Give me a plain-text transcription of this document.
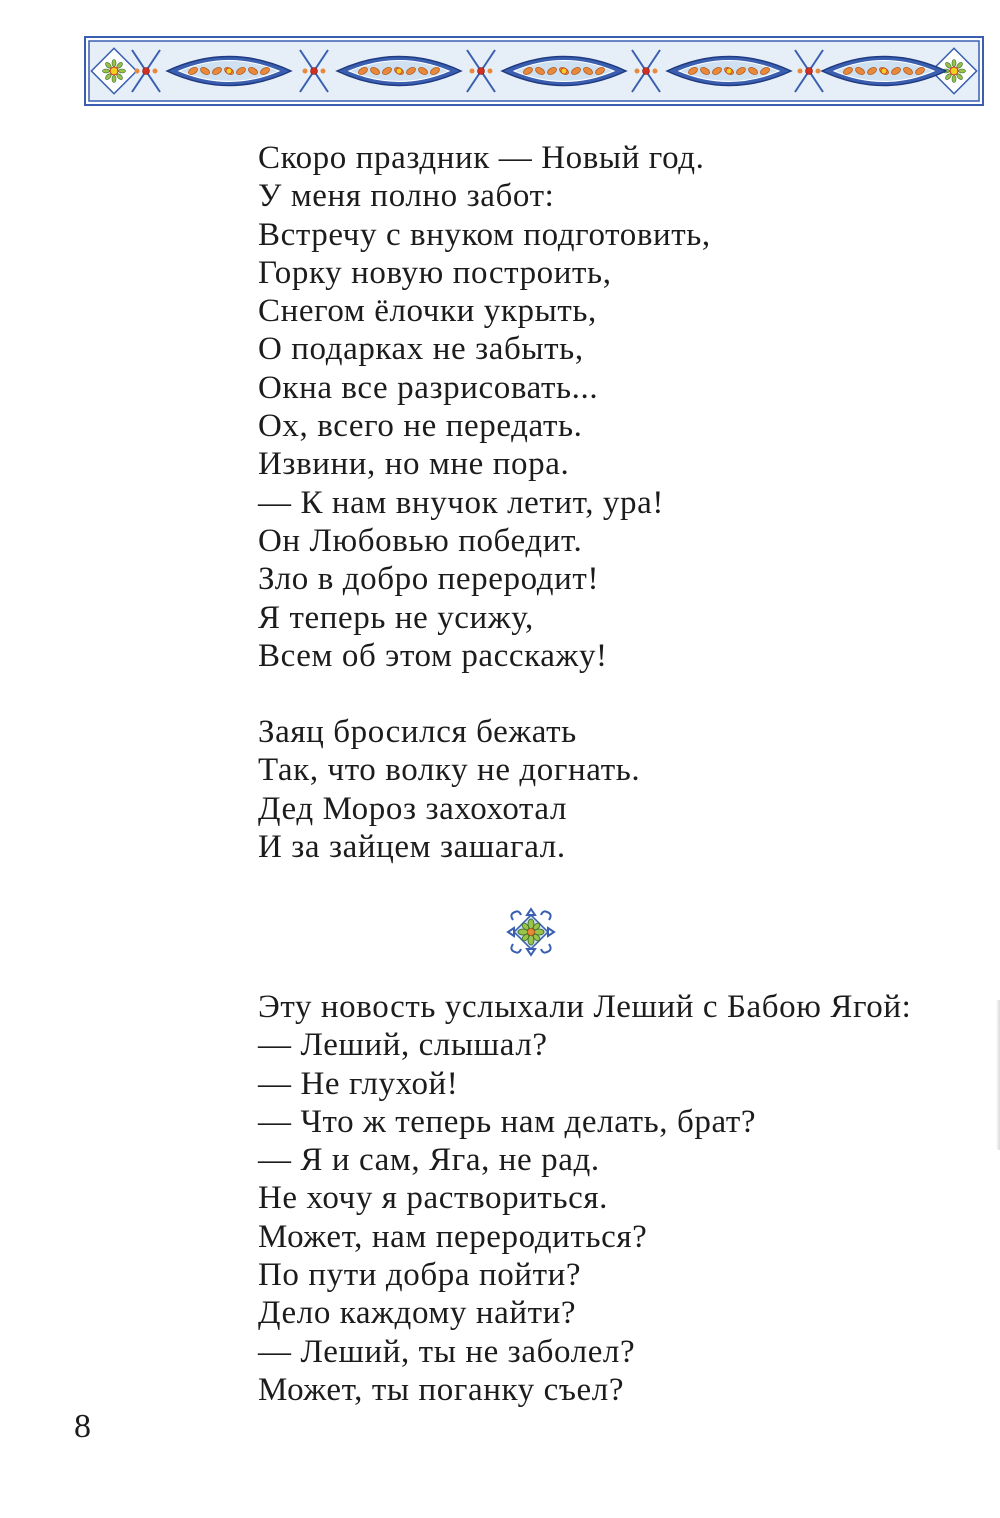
Скоро праздник — Новый год.
У меня полно забот:
Встречу с внуком подготовить,
Горку новую построить,
Снегом ёлочки укрыть,
О подарках не забыть,
Окна все разрисовать...
Ох, всего не передать.
Извини, но мне пора.
— К нам внучок летит, ура!
Он Любовью победит.
Зло в добро переродит!
Я теперь не усижу,
Всем об этом расскажу!
Заяц бросился бежать
Так, что волку не догнать.
Дед Мороз захохотал
И за зайцем зашагал.
Эту новость услыхали Леший с Бабою Ягой:
— Леший, слышал?
— Не глухой!
— Что ж теперь нам делать, брат?
— Я и сам, Яга, не рад.
Не хочу я раствориться.
Может, нам переродиться?
По пути добра пойти?
Дело каждому найти?
— Леший, ты не заболел?
Может, ты поганку съел?
8
